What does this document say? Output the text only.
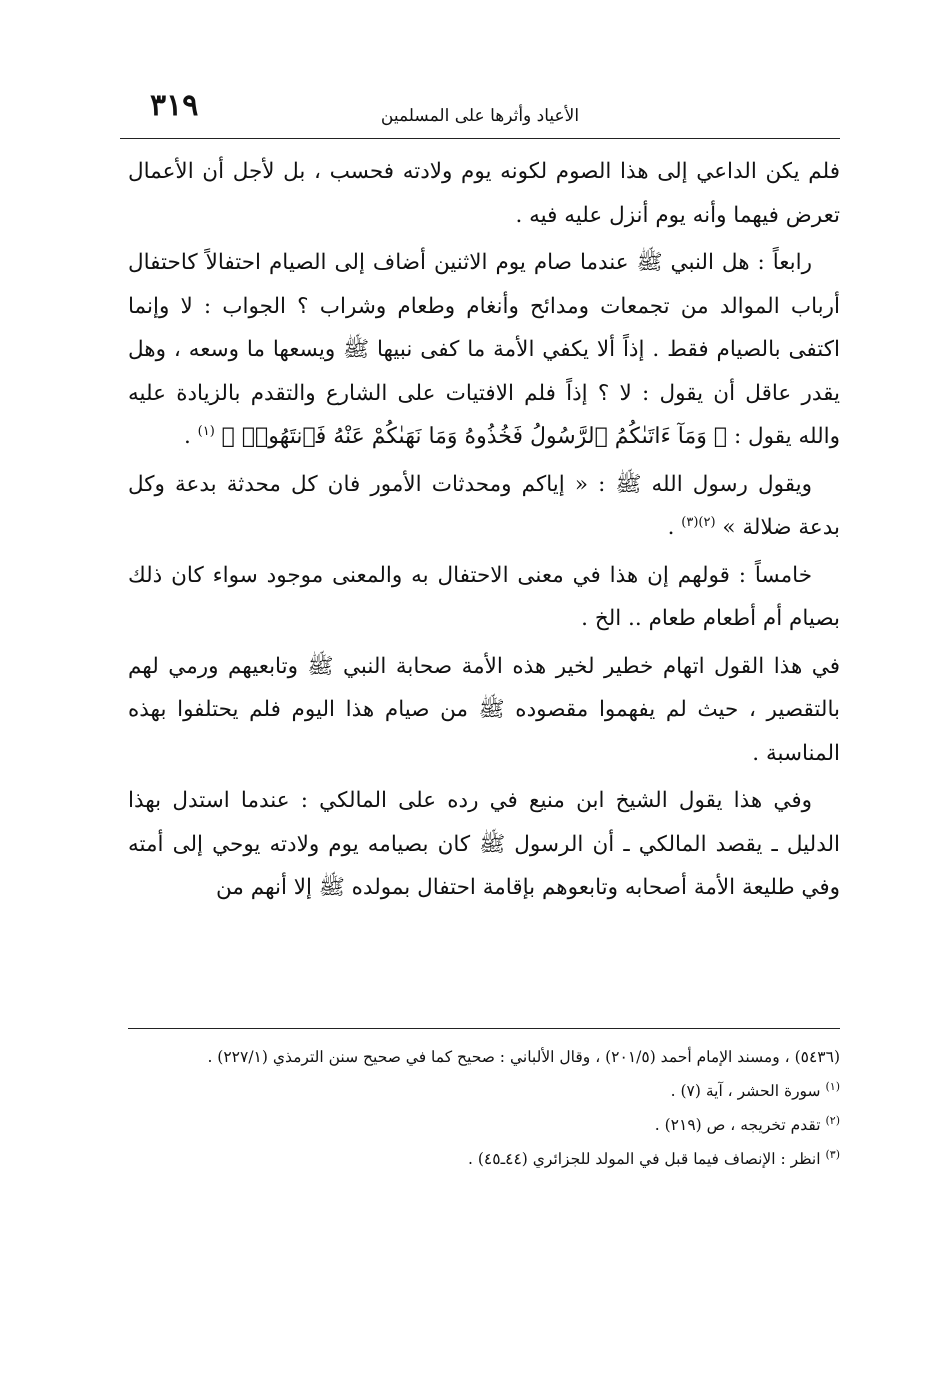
٣١٩	الأعياد وأثرها على المسلمين

فلم يكن الداعي إلى هذا الصوم لكونه يوم ولادته فحسب ، بل لأجل أن الأعمال تعرض فيهما وأنه يوم أنزل عليه فيه .

رابعاً : هل النبي ﷺ عندما صام يوم الاثنين أضاف إلى الصيام احتفالاً كاحتفال أرباب الموالد من تجمعات ومدائح وأنغام وطعام وشراب ؟ الجواب : لا وإنما اكتفى بالصيام فقط . إذاً ألا يكفي الأمة ما كفى نبيها ﷺ ويسعها ما وسعه ، وهل يقدر عاقل أن يقول : لا ؟ إذاً فلم الافتيات على الشارع والتقدم بالزيادة عليه والله يقول : ﴿ وَمَآ ءَاتَىٰكُمُ ٱلرَّسُولُ فَخُذُوهُ وَمَا نَهَىٰكُمْ عَنْهُ فَٱنتَهُوا۟ ﴾ $^{(١)}$ .

ويقول رسول الله ﷺ : « إياكم ومحدثات الأمور فان كل محدثة بدعة وكل بدعة ضلالة » $^{(٢)(٣)}$ .

خامساً : قولهم إن هذا في معنى الاحتفال به والمعنى موجود سواء كان ذلك بصيام أم أطعام طعام .. الخ .

في هذا القول اتهام خطير لخير هذه الأمة صحابة النبي ﷺ وتابعيهم ورمي لهم بالتقصير ، حيث لم يفهموا مقصوده ﷺ من صيام هذا اليوم فلم يحتلفوا بهذه المناسبة .

وفي هذا يقول الشيخ ابن منيع في رده على المالكي : عندما استدل بهذا الدليل ـ يقصد المالكي ـ أن الرسول ﷺ كان بصيامه يوم ولادته يوحي إلى أمته وفي طليعة الأمة أصحابه وتابعوهم بإقامة احتفال بمولده ﷺ إلا أنهم من

(٥٤٣٦) ، ومسند الإمام أحمد (٢٠١/٥) ، وقال الألباني : صحيح كما في صحيح سنن الترمذي (٢٢٧/١) .
$^{(١)}$ سورة الحشر ، آية (٧) .
$^{(٢)}$ تقدم تخريجه ، ص (٢١٩) .
$^{(٣)}$ انظر : الإنصاف فيما قبل في المولد للجزائري (٤٤ـ٤٥) .
